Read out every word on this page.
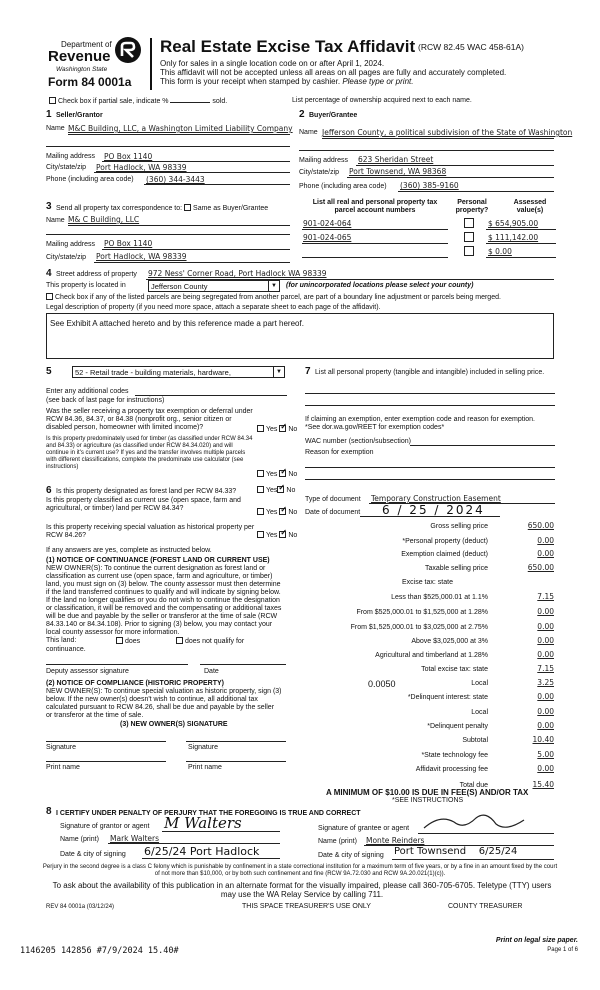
Department of
Revenue
Washington State
Form 84 0001a
Real Estate Excise Tax Affidavit (RCW 82.45 WAC 458-61A)
Only for sales in a single location code on or after April 1, 2024.
This affidavit will not be accepted unless all areas on all pages are fully and accurately completed.
This form is your receipt when stamped by cashier. Please type or print.
Check box if partial sale, indicate %	sold.	List percentage of ownership acquired next to each name.
1 Seller/Grantor
Name M&C Building, LLC, a Washington Limited Liability Company
Mailing address PO Box 1140
City/state/zip Port Hadlock, WA 98339
Phone (including area code) (360) 344-3443
2 Buyer/Grantee
Name Jefferson County, a political subdivision of the State of Washington
Mailing address 623 Sheridan Street
City/state/zip Port Townsend, WA 98368
Phone (including area code) (360) 385-9160
3 Send all property tax correspondence to: Same as Buyer/Grantee
Name M& C Building, LLC
Mailing address PO Box 1140
City/state/zip Port Hadlock, WA 98339
List all real and personal property tax
parcel account numbers
Personal
property?
Assessed
value(s)
901-024-064	$ 654,905.00
901-024-065	$ 111,142.00
$ 0.00
4 Street address of property 972 Ness' Corner Road, Port Hadlock WA 98339
This property is located in	Jefferson County	▼ (for unincorporated locations please select your county)
Check box if any of the listed parcels are being segregated from another parcel, are part of a boundary line adjustment or parcels being merged.
Legal description of property (if you need more space, attach a separate sheet to each page of the affidavit).
See Exhibit A attached hereto and by this reference made a part hereof.
5	52 - Retail trade - building materials, hardware,	▼
Enter any additional codes
(see back of last page for instructions)
Was the seller receiving a property tax exemption or deferral under RCW 84.36, 84.37, or 84.38 (nonprofit org., senior citizen or disabled person, homeowner with limited income)?	Yes ✓ No
Is this property predominately used for timber (as classified under RCW 84.34 and 84.33) or agriculture (as classified under RCW 84.34.020) and will continue in it's current use? If yes and the transfer involves multiple parcels with different classifications, complete the predominate use calculator (see instructions)
Yes ✓ No
6 Is this property designated as forest land per RCW 84.33?	Yes ✓ No
Is this property classified as current use (open space, farm and agricultural, or timber) land per RCW 84.34?
Yes ✓ No
Is this property receiving special valuation as historical property per RCW 84.26?	Yes ✓ No
If any answers are yes, complete as instructed below.
(1) NOTICE OF CONTINUANCE (FOREST LAND OR CURRENT USE)
NEW OWNER(S): To continue the current designation as forest land or classification as current use (open space, farm and agriculture, or timber) land, you must sign on (3) below. The county assessor must then determine if the land transferred continues to qualify and will indicate by signing below. If the land no longer qualifies or you do not wish to continue the designation or classification, it will be removed and the compensating or additional taxes will be due and payable by the seller or transferor at the time of sale (RCW 84.33.140 or 84.34.108). Prior to signing (3) below, you may contact your local county assessor for more information.
This land:	does	does not qualify for
continuance.
Deputy assessor signature	Date
(2) NOTICE OF COMPLIANCE (HISTORIC PROPERTY)
NEW OWNER(S): To continue special valuation as historic property, sign (3) below. If the new owner(s) doesn't wish to continue, all additional tax calculated pursuant to RCW 84.26, shall be due and payable by the seller or transferor at the time of sale.
(3) NEW OWNER(S) SIGNATURE
Signature	Signature
Print name	Print name
7 List all personal property (tangible and intangible) included in selling price.
If claiming an exemption, enter exemption code and reason for exemption. *See dor.wa.gov/REET for exemption codes*
WAC number (section/subsection)
Reason for exemption
Type of document Temporary Construction Easement
Date of document 6 / 25 / 2024
Gross selling price	650.00
*Personal property (deduct)	0.00
Exemption claimed (deduct)	0.00
Taxable selling price	650.00
Excise tax: state
Less than $525,000.01 at 1.1%	7.15
From $525,000.01 to $1,525,000 at 1.28%	0.00
From $1,525,000.01 to $3,025,000 at 2.75%	0.00
Above $3,025,000 at 3%	0.00
Agricultural and timberland at 1.28%	0.00
Total excise tax: state	7.15
0.0050	Local	3.25
*Delinquent interest: state	0.00
Local	0.00
*Delinquent penalty	0.00
Subtotal	10.40
*State technology fee	5.00
Affidavit processing fee	0.00
Total due	15.40
A MINIMUM OF $10.00 IS DUE IN FEE(S) AND/OR TAX
*SEE INSTRUCTIONS
8 I CERTIFY UNDER PENALTY OF PERJURY THAT THE FOREGOING IS TRUE AND CORRECT
Signature of grantor or agent M Walters
Name (print) Mark Walters
Date & city of signing 6/25/24 Port Hadlock
Signature of grantee or agent
Name (print) Monte Reinders
Date & city of signing Port Townsend    6/25/24
Perjury in the second degree is a class C felony which is punishable by confinement in a state correctional institution for a maximum term of five years, or by a fine in an amount fixed by the court of not more than $10,000, or by both such confinement and fine (RCW 9A.72.030 and RCW 9A.20.021(1)(c)).
To ask about the availability of this publication in an alternate format for the visually impaired, please call 360-705-6705. Teletype (TTY) users may use the WA Relay Service by calling 711.
REV 84 0001a (03/12/24)	THIS SPACE TREASURER'S USE ONLY	COUNTY TREASURER
1146205 142856 #7/9/2024 15.40#
Print on legal size paper.
Page 1 of 6
